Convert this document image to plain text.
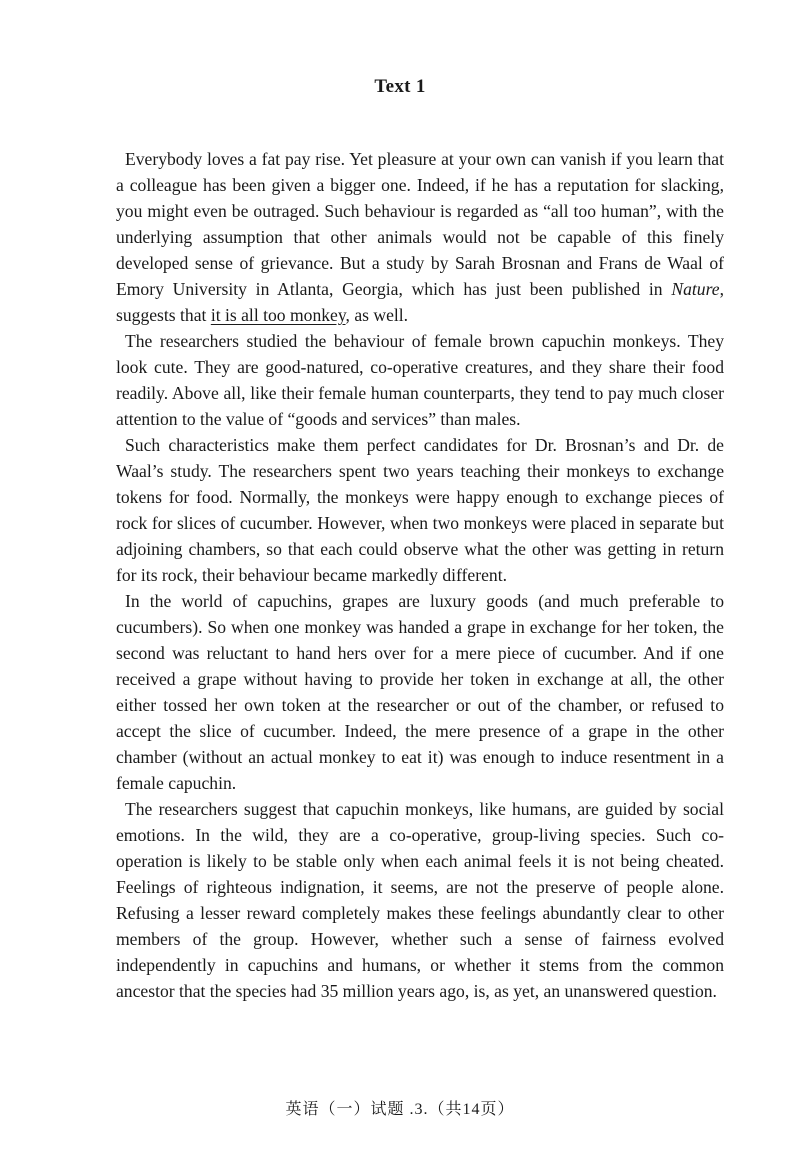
Text 1

Everybody loves a fat pay rise. Yet pleasure at your own can vanish if you learn that a colleague has been given a bigger one. Indeed, if he has a reputation for slacking, you might even be outraged. Such behaviour is regarded as “all too human”, with the underlying assumption that other animals would not be capable of this finely developed sense of grievance. But a study by Sarah Brosnan and Frans de Waal of Emory University in Atlanta, Georgia, which has just been published in Nature, suggests that it is all too monkey, as well.

The researchers studied the behaviour of female brown capuchin monkeys. They look cute. They are good-natured, co-operative creatures, and they share their food readily. Above all, like their female human counterparts, they tend to pay much closer attention to the value of “goods and services” than males.

Such characteristics make them perfect candidates for Dr. Brosnan’s and Dr. de Waal’s study. The researchers spent two years teaching their monkeys to exchange tokens for food. Normally, the monkeys were happy enough to exchange pieces of rock for slices of cucumber. However, when two monkeys were placed in separate but adjoining chambers, so that each could observe what the other was getting in return for its rock, their behaviour became markedly different.

In the world of capuchins, grapes are luxury goods (and much preferable to cucumbers). So when one monkey was handed a grape in exchange for her token, the second was reluctant to hand hers over for a mere piece of cucumber. And if one received a grape without having to provide her token in exchange at all, the other either tossed her own token at the researcher or out of the chamber, or refused to accept the slice of cucumber. Indeed, the mere presence of a grape in the other chamber (without an actual monkey to eat it) was enough to induce resentment in a female capuchin.

The researchers suggest that capuchin monkeys, like humans, are guided by social emotions. In the wild, they are a co-operative, group-living species. Such co-operation is likely to be stable only when each animal feels it is not being cheated. Feelings of righteous indignation, it seems, are not the preserve of people alone. Refusing a lesser reward completely makes these feelings abundantly clear to other members of the group. However, whether such a sense of fairness evolved independently in capuchins and humans, or whether it stems from the common ancestor that the species had 35 million years ago, is, as yet, an unanswered question.

英语（一）试题 .3.（共14页）
